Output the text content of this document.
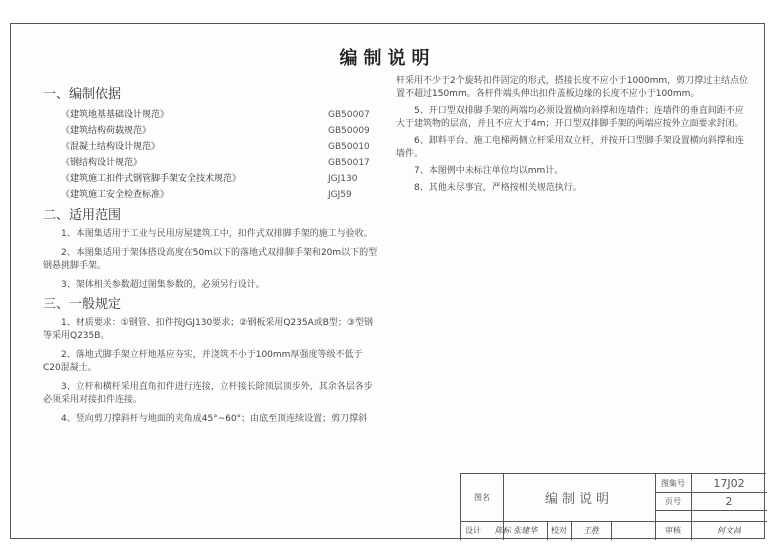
编制说明
一、编制依据
《建筑地基基础设计规范》	GB50007
《建筑结构荷载规范》	GB50009
《混凝土结构设计规范》	GB50010
《钢结构设计规范》	GB50017
《建筑施工扣件式钢管脚手架安全技术规范》	JGJ130
《建筑施工安全检查标准》	JGJ59
二、适用范围

1、本图集适用于工业与民用房屋建筑工中，扣件式双排脚手架的施工与验收。

2、本图集适用于架体搭设高度在50m以下的落地式双排脚手架和20m以下的型钢悬挑脚手架。

3、架体相关参数超过图集参数的，必须另行设计。

三、一般规定

1、材质要求：①钢管、扣件按JGJ130要求；②钢板采用Q235A或B型；③型钢等采用Q235B。

2、落地式脚手架立杆地基应夯实，并浇筑不小于100mm厚强度等级不低于C20混凝土。

3、立杆和横杆采用直角扣件进行连接，立杆接长除顶层顶步外，其余各层各步必须采用对接扣件连接。

4、竖向剪刀撑斜杆与地面的夹角成45°~60°；由底至顶连续设置；剪刀撑斜

杆采用不少于2个旋转扣件固定的形式，搭接长度不应小于1000mm，剪刀撑过主结点位置不超过150mm。各杆件端头伸出扣件盖板边缘的长度不应小于100mm。

5、开口型双排脚手架的两端均必须设置横向斜撑和连墙件；连墙件的垂直间距不应大于建筑物的层高，并且不应大于4m；开口型双排脚手架的两端应按外立面要求封闭。

6、卸料平台、施工电梯两侧立杆采用双立杆，并按开口型脚手架设置横向斜撑和连墙件。

7、本图例中未标注单位均以mm计。

8、其他未尽事宜，严格按相关规范执行。

图名	编制说明
图集号	17J02
页号	2
设计	陈标 张建华	校对	王胜	审核	何文昌
